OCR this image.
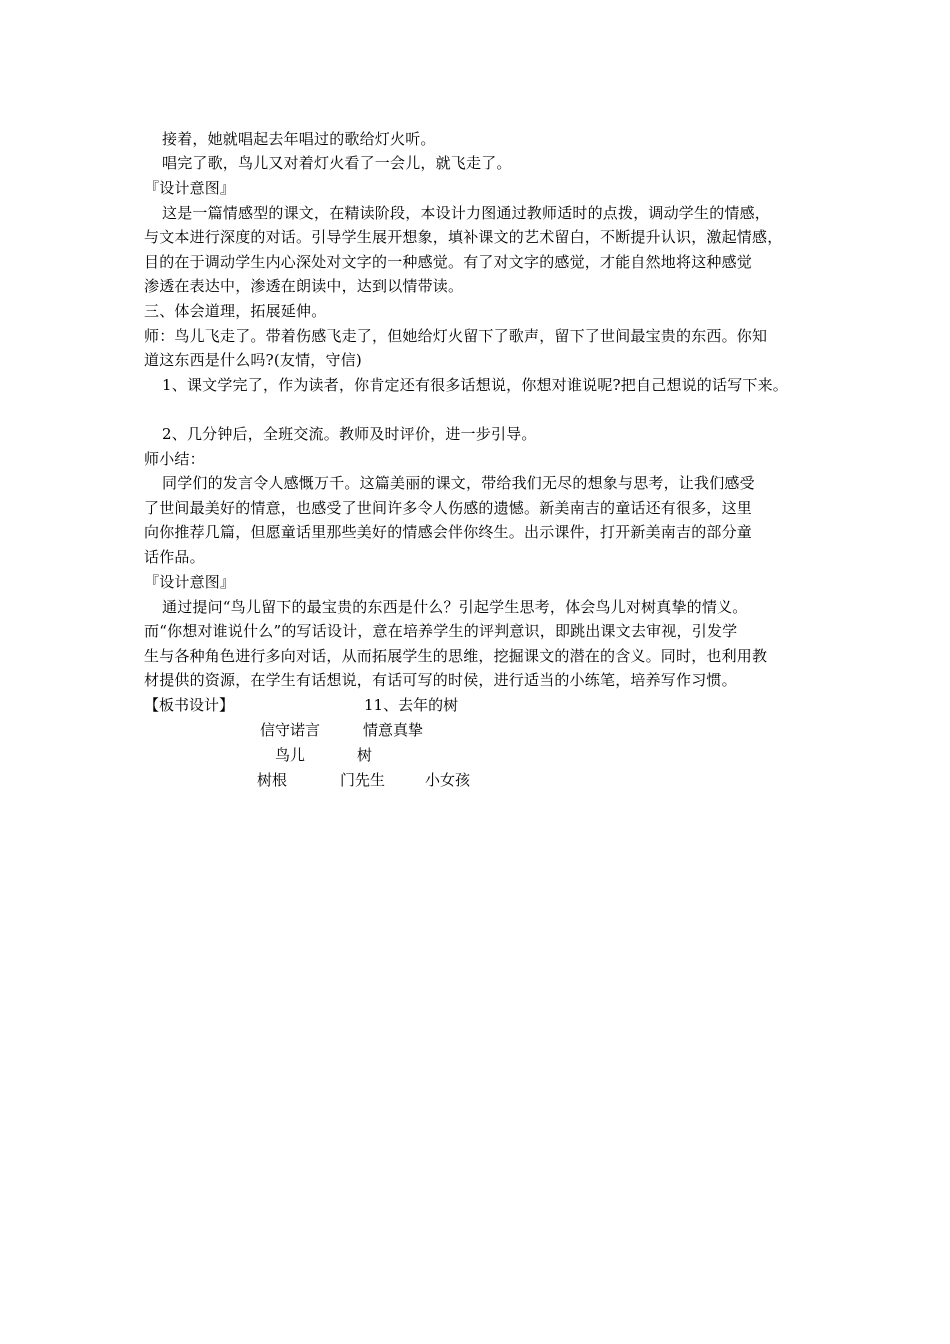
接着，她就唱起去年唱过的歌给灯火听。
唱完了歌，鸟儿又对着灯火看了一会儿，就飞走了。
『设计意图』
这是一篇情感型的课文，在精读阶段，本设计力图通过教师适时的点拨，调动学生的情感，
与文本进行深度的对话。引导学生展开想象，填补课文的艺术留白，不断提升认识，激起情感，
目的在于调动学生内心深处对文字的一种感觉。有了对文字的感觉，才能自然地将这种感觉
渗透在表达中，渗透在朗读中，达到以情带读。
三、体会道理，拓展延伸。
师：鸟儿飞走了。带着伤感飞走了，但她给灯火留下了歌声，留下了世间最宝贵的东西。你知
道这东西是什么吗?(友情，守信)
1、课文学完了，作为读者，你肯定还有很多话想说，你想对谁说呢?把自己想说的话写下来。
2、几分钟后，全班交流。教师及时评价，进一步引导。
师小结：
同学们的发言令人感慨万千。这篇美丽的课文，带给我们无尽的想象与思考，让我们感受
了世间最美好的情意，也感受了世间许多令人伤感的遗憾。新美南吉的童话还有很多，这里
向你推荐几篇，但愿童话里那些美好的情感会伴你终生。出示课件，打开新美南吉的部分童
话作品。
『设计意图』
通过提问“鸟儿留下的最宝贵的东西是什么？引起学生思考，体会鸟儿对树真挚的情义。
而“你想对谁说什么”的写话设计，意在培养学生的评判意识，即跳出课文去审视，引发学
生与各种角色进行多向对话，从而拓展学生的思维，挖掘课文的潜在的含义。同时，也利用教
材提供的资源，在学生有话想说，有话可写的时侯，进行适当的小练笔，培养写作习惯。
【板书设计】	11、去年的树
信守诺言	情意真挚
鸟儿	树
树根	门先生	小女孩
